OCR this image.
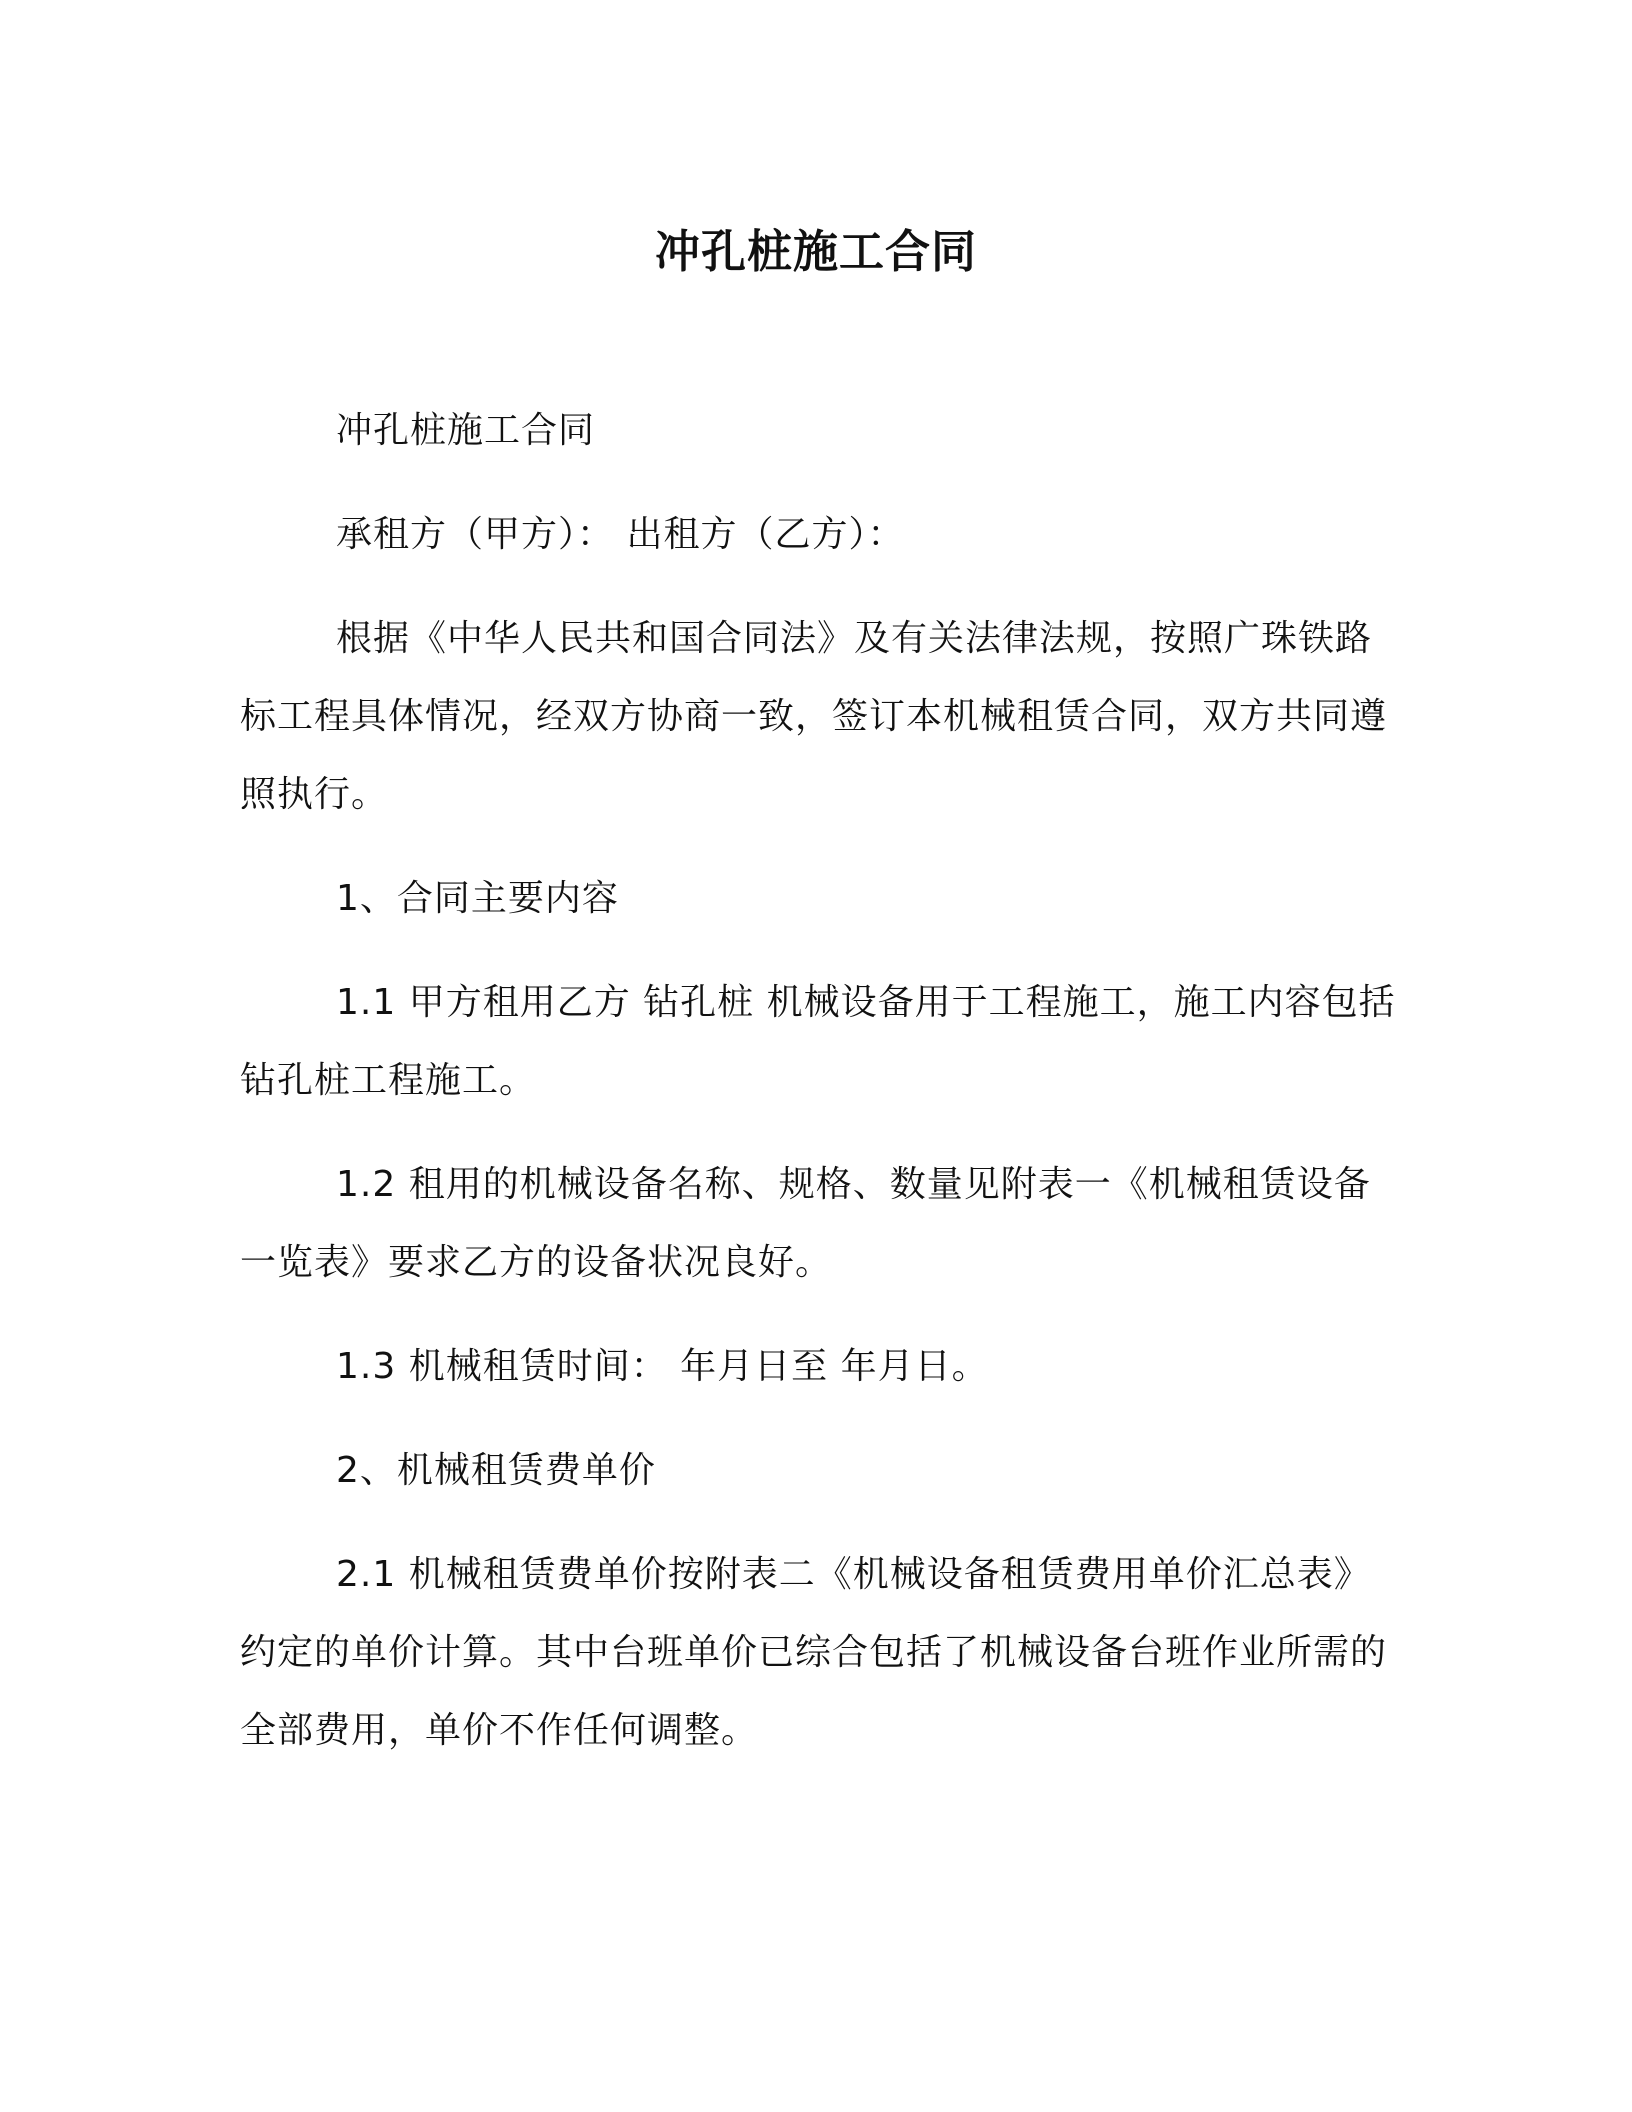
冲孔桩施工合同

冲孔桩施工合同

承租方（甲方）： 出租方（乙方）：

根据《中华人民共和国合同法》及有关法律法规，按照广珠铁路标工程具体情况，经双方协商一致，签订本机械租赁合同，双方共同遵照执行。

1、合同主要内容

1.1 甲方租用乙方 钻孔桩 机械设备用于工程施工，施工内容包括钻孔桩工程施工。

1.2 租用的机械设备名称、规格、数量见附表一《机械租赁设备一览表》要求乙方的设备状况良好。

1.3 机械租赁时间： 年月日至 年月日。

2、机械租赁费单价

2.1 机械租赁费单价按附表二《机械设备租赁费用单价汇总表》约定的单价计算。其中台班单价已综合包括了机械设备台班作业所需的全部费用，单价不作任何调整。
